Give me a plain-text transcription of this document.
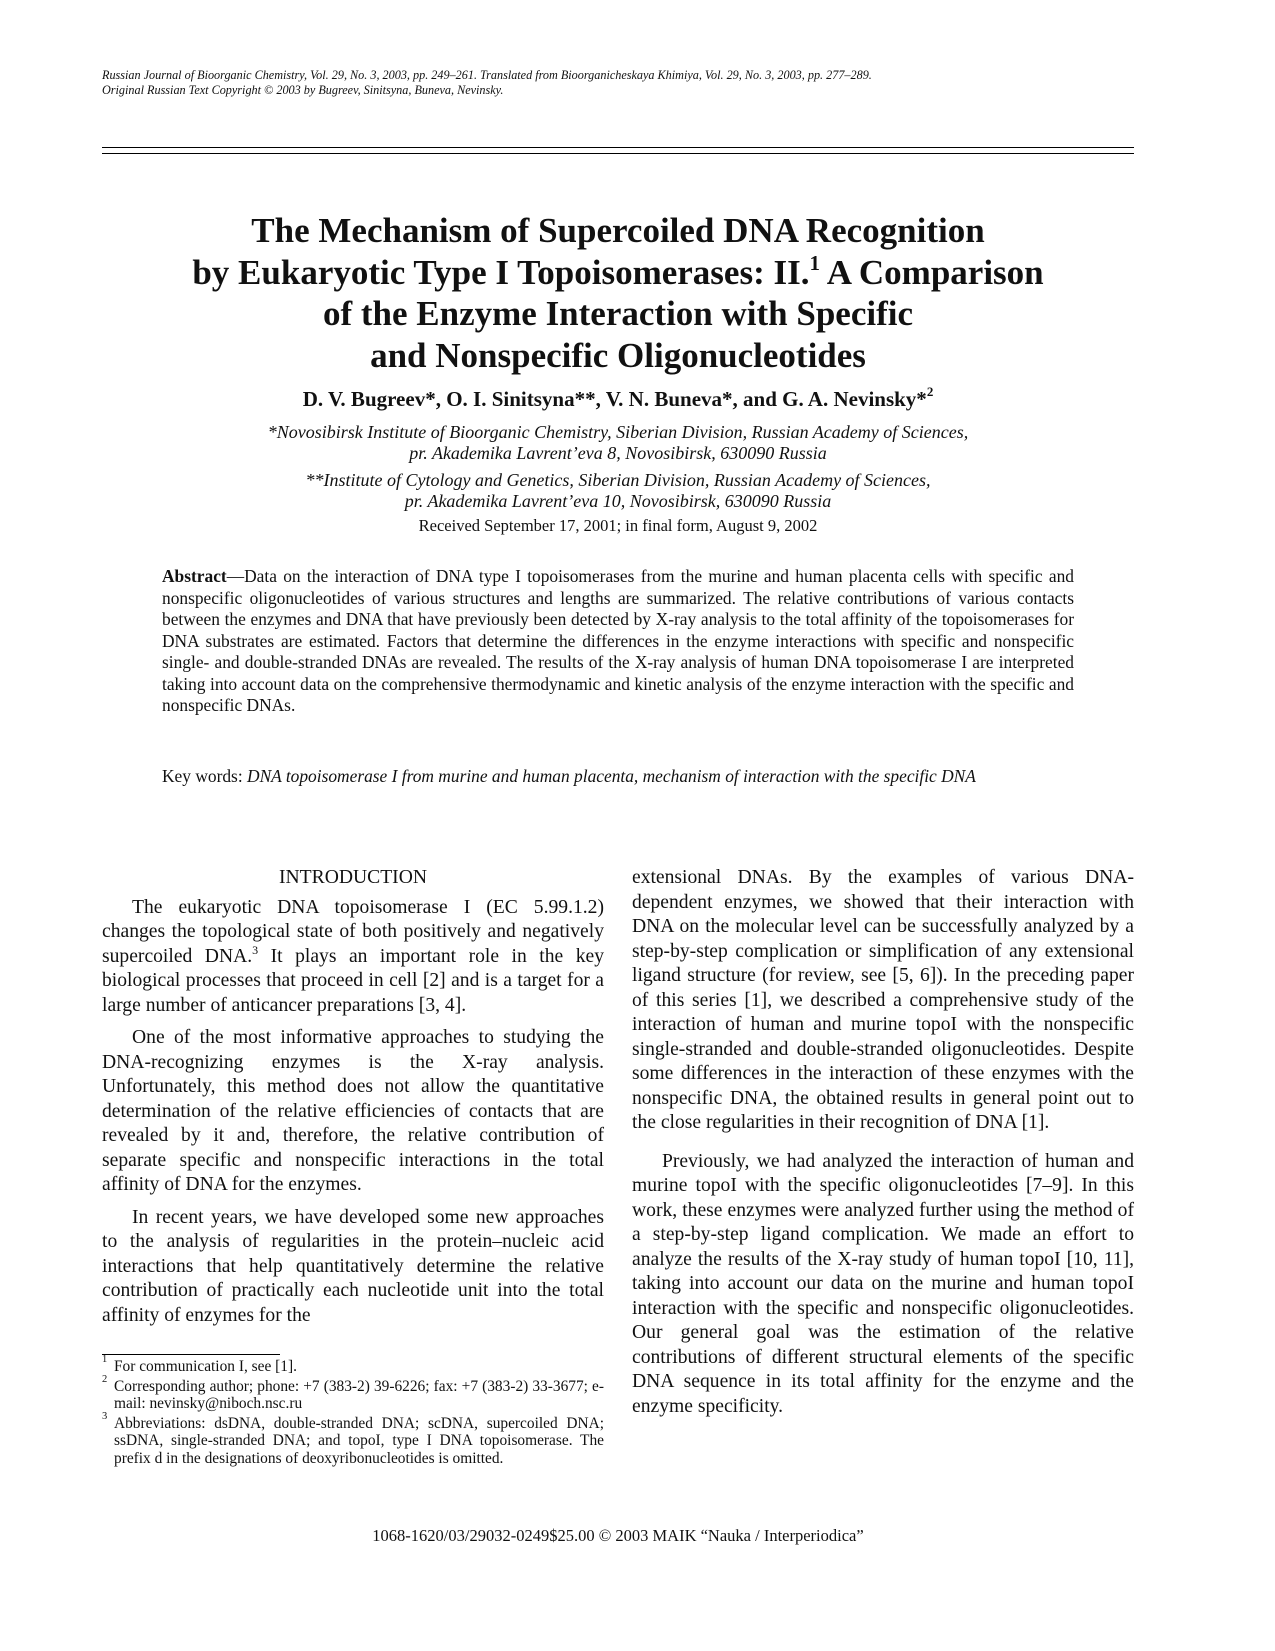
Russian Journal of Bioorganic Chemistry, Vol. 29, No. 3, 2003, pp. 249–261. Translated from Bioorganicheskaya Khimiya, Vol. 29, No. 3, 2003, pp. 277–289.
Original Russian Text Copyright © 2003 by Bugreev, Sinitsyna, Buneva, Nevinsky.
The Mechanism of Supercoiled DNA Recognition
by Eukaryotic Type I Topoisomerases: II.$^1$ A Comparison
of the Enzyme Interaction with Specific
and Nonspecific Oligonucleotides
D. V. Bugreev*, O. I. Sinitsyna**, V. N. Buneva*, and G. A. Nevinsky*$^2$
*Novosibirsk Institute of Bioorganic Chemistry, Siberian Division, Russian Academy of Sciences,
pr. Akademika Lavrent’eva 8, Novosibirsk, 630090 Russia
**Institute of Cytology and Genetics, Siberian Division, Russian Academy of Sciences,
pr. Akademika Lavrent’eva 10, Novosibirsk, 630090 Russia
Received September 17, 2001; in final form, August 9, 2002
Abstract—Data on the interaction of DNA type I topoisomerases from the murine and human placenta cells with specific and nonspecific oligonucleotides of various structures and lengths are summarized. The relative contributions of various contacts between the enzymes and DNA that have previously been detected by X-ray analysis to the total affinity of the topoisomerases for DNA substrates are estimated. Factors that determine the differences in the enzyme interactions with specific and nonspecific single- and double-stranded DNAs are revealed. The results of the X-ray analysis of human DNA topoisomerase I are interpreted taking into account data on the comprehensive thermodynamic and kinetic analysis of the enzyme interaction with the specific and nonspecific DNAs.
Key words: DNA topoisomerase I from murine and human placenta, mechanism of interaction with the specific DNA
INTRODUCTION

The eukaryotic DNA topoisomerase I (EC 5.99.1.2) changes the topological state of both positively and negatively supercoiled DNA.$^3$ It plays an important role in the key biological processes that proceed in cell [2] and is a target for a large number of anticancer preparations [3, 4].

One of the most informative approaches to studying the DNA-recognizing enzymes is the X-ray analysis. Unfortunately, this method does not allow the quantitative determination of the relative efficiencies of contacts that are revealed by it and, therefore, the relative contribution of separate specific and nonspecific interactions in the total affinity of DNA for the enzymes.

In recent years, we have developed some new approaches to the analysis of regularities in the protein–nucleic acid interactions that help quantitatively determine the relative contribution of practically each nucleotide unit into the total affinity of enzymes for the

1 For communication I, see [1].
2 Corresponding author; phone: +7 (383-2) 39-6226; fax: +7 (383-2) 33-3677; e-mail: nevinsky@niboch.nsc.ru
3 Abbreviations: dsDNA, double-stranded DNA; scDNA, supercoiled DNA; ssDNA, single-stranded DNA; and topoI, type I DNA topoisomerase. The prefix d in the designations of deoxyribonucleotides is omitted.

extensional DNAs. By the examples of various DNA-dependent enzymes, we showed that their interaction with DNA on the molecular level can be successfully analyzed by a step-by-step complication or simplification of any extensional ligand structure (for review, see [5, 6]). In the preceding paper of this series [1], we described a comprehensive study of the interaction of human and murine topoI with the nonspecific single-stranded and double-stranded oligonucleotides. Despite some differences in the interaction of these enzymes with the nonspecific DNA, the obtained results in general point out to the close regularities in their recognition of DNA [1].

Previously, we had analyzed the interaction of human and murine topoI with the specific oligonucleotides [7–9]. In this work, these enzymes were analyzed further using the method of a step-by-step ligand complication. We made an effort to analyze the results of the X-ray study of human topoI [10, 11], taking into account our data on the murine and human topoI interaction with the specific and nonspecific oligonucleotides. Our general goal was the estimation of the relative contributions of different structural elements of the specific DNA sequence in its total affinity for the enzyme and the enzyme specificity.

1068-1620/03/29032-0249$25.00 © 2003 MAIK “Nauka / Interperiodica”
